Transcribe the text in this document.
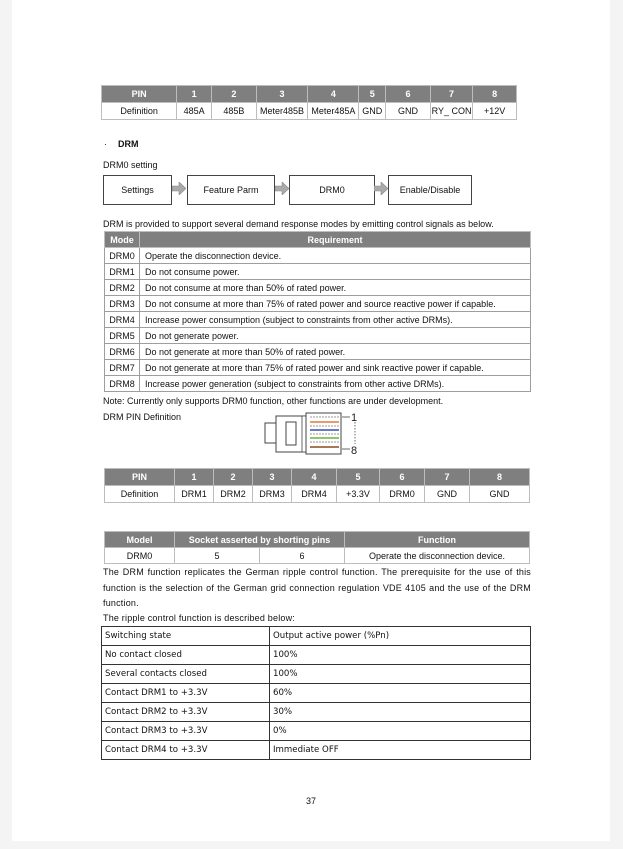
PIN	1	2	3	4	5	6	7	8
Definition	485A	485B	Meter485B	Meter485A	GND	GND	RY_ CON	+12V
· DRM
DRM0 setting
Settings	Feature Parm	DRM0	Enable/Disable
DRM is provided to support several demand response modes by emitting control signals as below.
Mode	Requirement
DRM0	Operate the disconnection device.
DRM1	Do not consume power.
DRM2	Do not consume at more than 50% of rated power.
DRM3	Do not consume at more than 75% of rated power and source reactive power if capable.
DRM4	Increase power consumption (subject to constraints from other active DRMs).
DRM5	Do not generate power.
DRM6	Do not generate at more than 50% of rated power.
DRM7	Do not generate at more than 75% of rated power and sink reactive power if capable.
DRM8	Increase power generation (subject to constraints from other active DRMs).
Note: Currently only supports DRM0 function, other functions are under development.
DRM PIN Definition	1
8
PIN	1	2	3	4	5	6	7	8
Definition	DRM1	DRM2	DRM3	DRM4	+3.3V	DRM0	GND	GND
Model	Socket asserted by shorting pins		Function
DRM0	5	6	Operate the disconnection device.
The DRM function replicates the German ripple control function. The prerequisite for the use of this function is the selection of the German grid connection regulation VDE 4105 and the use of the DRM function.
The ripple control function is described below:
Switching state	Output active power (%Pn)
No contact closed	100%
Several contacts closed	100%
Contact DRM1 to +3.3V	60%
Contact DRM2 to +3.3V	30%
Contact DRM3 to +3.3V	0%
Contact DRM4 to +3.3V	Immediate OFF
37
